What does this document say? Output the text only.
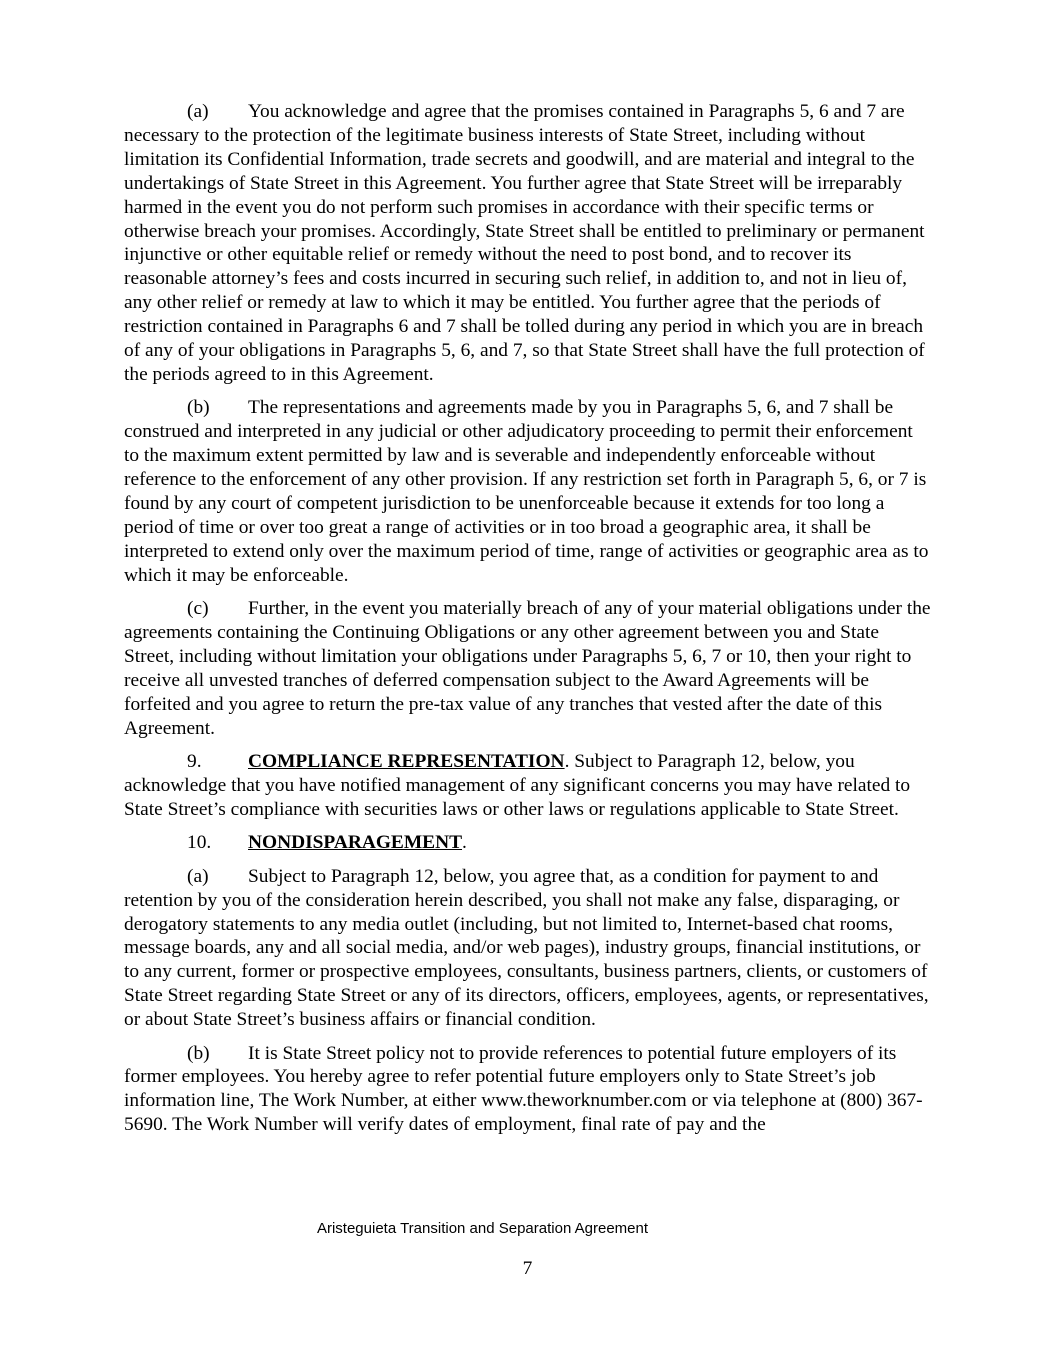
(a) You acknowledge and agree that the promises contained in Paragraphs 5, 6 and 7 are necessary to the protection of the legitimate business interests of State Street, including without limitation its Confidential Information, trade secrets and goodwill, and are material and integral to the undertakings of State Street in this Agreement. You further agree that State Street will be irreparably harmed in the event you do not perform such promises in accordance with their specific terms or otherwise breach your promises. Accordingly, State Street shall be entitled to preliminary or permanent injunctive or other equitable relief or remedy without the need to post bond, and to recover its reasonable attorney’s fees and costs incurred in securing such relief, in addition to, and not in lieu of, any other relief or remedy at law to which it may be entitled. You further agree that the periods of restriction contained in Paragraphs 6 and 7 shall be tolled during any period in which you are in breach of any of your obligations in Paragraphs 5, 6, and 7, so that State Street shall have the full protection of the periods agreed to in this Agreement.

(b) The representations and agreements made by you in Paragraphs 5, 6, and 7 shall be construed and interpreted in any judicial or other adjudicatory proceeding to permit their enforcement to the maximum extent permitted by law and is severable and independently enforceable without reference to the enforcement of any other provision. If any restriction set forth in Paragraph 5, 6, or 7 is found by any court of competent jurisdiction to be unenforceable because it extends for too long a period of time or over too great a range of activities or in too broad a geographic area, it shall be interpreted to extend only over the maximum period of time, range of activities or geographic area as to which it may be enforceable.

(c) Further, in the event you materially breach of any of your material obligations under the agreements containing the Continuing Obligations or any other agreement between you and State Street, including without limitation your obligations under Paragraphs 5, 6, 7 or 10, then your right to receive all unvested tranches of deferred compensation subject to the Award Agreements will be forfeited and you agree to return the pre-tax value of any tranches that vested after the date of this Agreement.

9. COMPLIANCE REPRESENTATION. Subject to Paragraph 12, below, you acknowledge that you have notified management of any significant concerns you may have related to State Street’s compliance with securities laws or other laws or regulations applicable to State Street.

10. NONDISPARAGEMENT.

(a) Subject to Paragraph 12, below, you agree that, as a condition for payment to and retention by you of the consideration herein described, you shall not make any false, disparaging, or derogatory statements to any media outlet (including, but not limited to, Internet-based chat rooms, message boards, any and all social media, and/or web pages), industry groups, financial institutions, or to any current, former or prospective employees, consultants, business partners, clients, or customers of State Street regarding State Street or any of its directors, officers, employees, agents, or representatives, or about State Street’s business affairs or financial condition.

(b) It is State Street policy not to provide references to potential future employers of its former employees. You hereby agree to refer potential future employers only to State Street’s job information line, The Work Number, at either www.theworknumber.com or via telephone at (800) 367-5690. The Work Number will verify dates of employment, final rate of pay and the

Aristeguieta Transition and Separation Agreement
7
